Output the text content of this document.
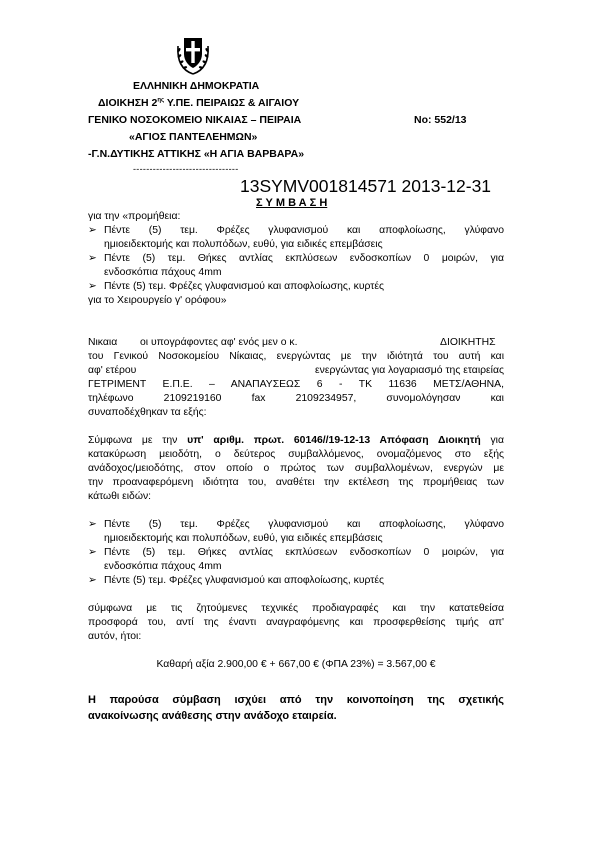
ΕΛΛΗΝΙΚΗ ΔΗΜΟΚΡΑΤΙΑ
ΔΙΟΙΚΗΣΗ $2^{\eta\varsigma}$ Υ.ΠΕ. ΠΕΙΡΑΙΩΣ & ΑΙΓΑΙΟΥ
ΓΕΝΙΚΟ ΝΟΣΟΚΟΜΕΙΟ ΝΙΚΑΙΑΣ – ΠΕΙΡΑΙΑ	Νο: 552/13
«ΑΓΙΟΣ ΠΑΝΤΕΛΕΗΜΩΝ»
-Γ.Ν.ΔΥΤΙΚΗΣ ΑΤΤΙΚΗΣ «Η ΑΓΙΑ ΒΑΡΒΑΡΑ»
--------------------------------
13SYMV001814571 2013-12-31
Σ Υ Μ Β Α Σ Η
για την «προμήθεια:
➢ Πέντε (5) τεμ. Φρέζες γλυφανισμού και αποφλοίωσης, γλύφανο
ημιοειδεκτομής και πολυπόδων, ευθύ, για ειδικές επεμβάσεις
➢ Πέντε (5) τεμ. Θήκες αντλίας εκπλύσεων ενδοσκοπίων 0 μοιρών, για
ενδοσκόπια πάχους 4mm
➢ Πέντε (5) τεμ. Φρέζες γλυφανισμού και αποφλοίωσης, κυρτές
για το Χειρουργείο γ' ορόφου»
Νικαια οι υπογράφοντες αφ' ενός μεν ο κ.	ΔΙΟΙΚΗΤΗΣ
του Γενικού Νοσοκομείου Νίκαιας, ενεργώντας με την ιδιότητά του αυτή και
αφ' ετέρου	ενεργώντας για λογαριασμό της εταιρείας
ΓΕΤΡΙΜΕΝΤ Ε.Π.Ε. – ΑΝΑΠΑΥΣΕΩΣ 6 - ΤΚ 11636 ΜΕΤΣ/ΑΘΗΝΑ,
τηλέφωνο 2109219160 fax 2109234957, συνομολόγησαν και
συναποδέχθηκαν τα εξής:
Σύμφωνα με την υπ' αριθμ. πρωτ. 60146//19-12-13 Απόφαση Διοικητή για
κατακύρωση μειοδότη, ο δεύτερος συμβαλλόμενος, ονομαζόμενος στο εξής
ανάδοχος/μειοδότης, στον οποίο ο πρώτος των συμβαλλομένων, ενεργών με
την προαναφερόμενη ιδιότητα του, αναθέτει την εκτέλεση της προμήθειας των
κάτωθι ειδών:
➢ Πέντε (5) τεμ. Φρέζες γλυφανισμού και αποφλοίωσης, γλύφανο
ημιοειδεκτομής και πολυπόδων, ευθύ, για ειδικές επεμβάσεις
➢ Πέντε (5) τεμ. Θήκες αντλίας εκπλύσεων ενδοσκοπίων 0 μοιρών, για
ενδοσκόπια πάχους 4mm
➢ Πέντε (5) τεμ. Φρέζες γλυφανισμού και αποφλοίωσης, κυρτές
σύμφωνα με τις ζητούμενες τεχνικές προδιαγραφές και την κατατεθείσα
προσφορά του, αντί της έναντι αναγραφόμενης και προσφερθείσης τιμής απ'
αυτόν, ήτοι:
Καθαρή αξία 2.900,00 € + 667,00 € (ΦΠΑ 23%) = 3.567,00 €
Η παρούσα σύμβαση ισχύει από την κοινοποίηση της σχετικής
ανακοίνωσης ανάθεσης στην ανάδοχο εταιρεία.
